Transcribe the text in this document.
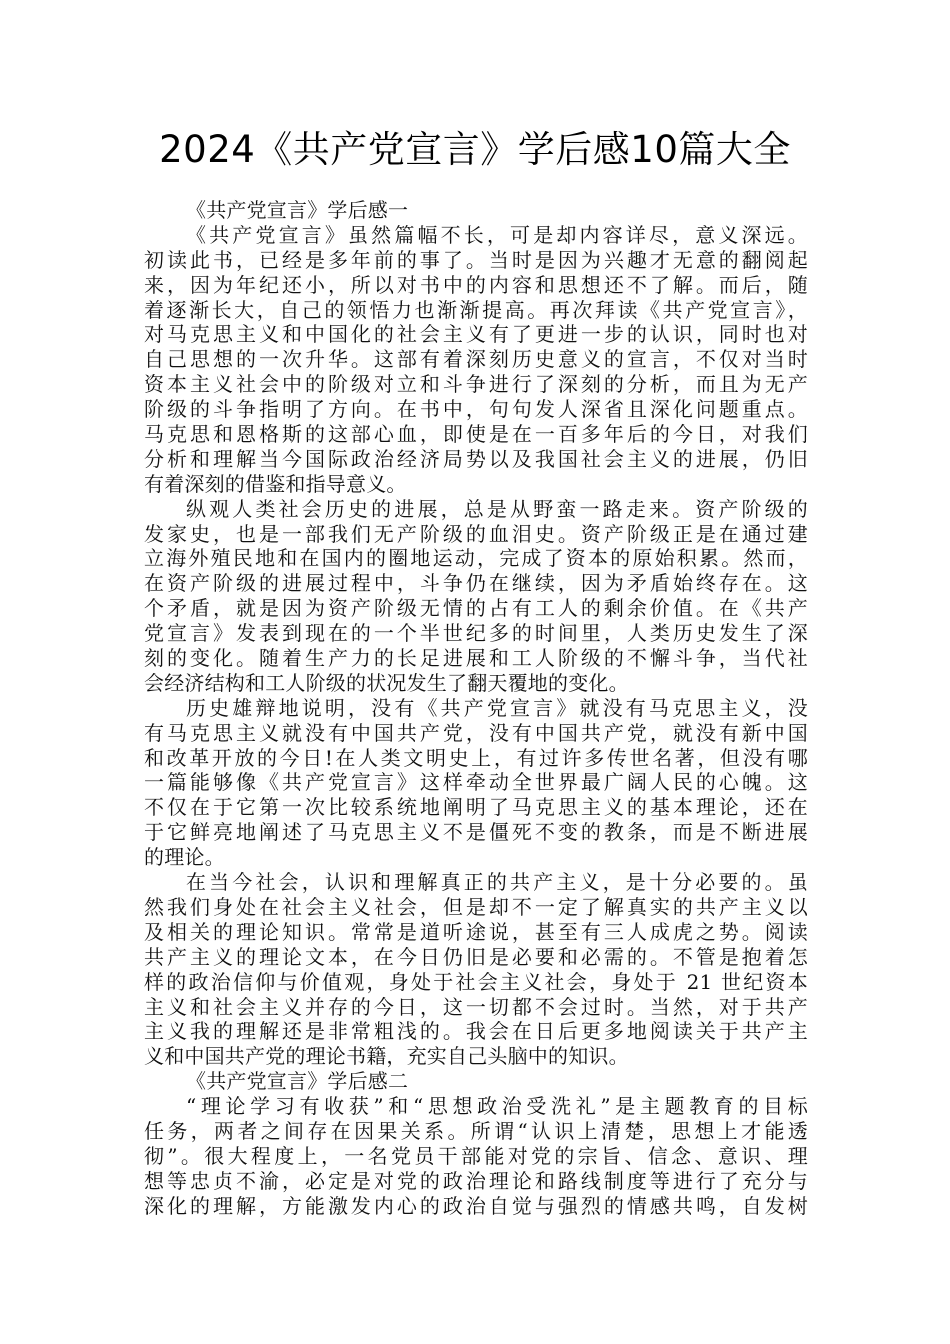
2024《共产党宣言》学后感10篇大全
《共产党宣言》学后感一
《共产党宣言》虽然篇幅不长，可是却内容详尽，意义深远。
初读此书，已经是多年前的事了。当时是因为兴趣才无意的翻阅起
来，因为年纪还小，所以对书中的内容和思想还不了解。而后，随
着逐渐长大，自己的领悟力也渐渐提高。再次拜读《共产党宣言》，
对马克思主义和中国化的社会主义有了更进一步的认识，同时也对
自己思想的一次升华。这部有着深刻历史意义的宣言，不仅对当时
资本主义社会中的阶级对立和斗争进行了深刻的分析，而且为无产
阶级的斗争指明了方向。在书中，句句发人深省且深化问题重点。
马克思和恩格斯的这部心血，即使是在一百多年后的今日，对我们
分析和理解当今国际政治经济局势以及我国社会主义的进展，仍旧
有着深刻的借鉴和指导意义。
纵观人类社会历史的进展，总是从野蛮一路走来。资产阶级的
发家史，也是一部我们无产阶级的血泪史。资产阶级正是在通过建
立海外殖民地和在国内的圈地运动，完成了资本的原始积累。然而，
在资产阶级的进展过程中，斗争仍在继续，因为矛盾始终存在。这
个矛盾，就是因为资产阶级无情的占有工人的剩余价值。在《共产
党宣言》发表到现在的一个半世纪多的时间里，人类历史发生了深
刻的变化。随着生产力的长足进展和工人阶级的不懈斗争，当代社
会经济结构和工人阶级的状况发生了翻天覆地的变化。
历史雄辩地说明，没有《共产党宣言》就没有马克思主义，没
有马克思主义就没有中国共产党，没有中国共产党，就没有新中国
和改革开放的今日!在人类文明史上，有过许多传世名著，但没有哪
一篇能够像《共产党宣言》这样牵动全世界最广阔人民的心魄。这
不仅在于它第一次比较系统地阐明了马克思主义的基本理论，还在
于它鲜亮地阐述了马克思主义不是僵死不变的教条，而是不断进展
的理论。
在当今社会，认识和理解真正的共产主义，是十分必要的。虽
然我们身处在社会主义社会，但是却不一定了解真实的共产主义以
及相关的理论知识。常常是道听途说，甚至有三人成虎之势。阅读
共产主义的理论文本，在今日仍旧是必要和必需的。不管是抱着怎
样的政治信仰与价值观，身处于社会主义社会，身处于 21 世纪资本
主义和社会主义并存的今日，这一切都不会过时。当然，对于共产
主义我的理解还是非常粗浅的。我会在日后更多地阅读关于共产主
义和中国共产党的理论书籍，充实自己头脑中的知识。
《共产党宣言》学后感二
“理论学习有收获”和“思想政治受洗礼”是主题教育的目标
任务，两者之间存在因果关系。所谓“认识上清楚，思想上才能透
彻”。很大程度上，一名党员干部能对党的宗旨、信念、意识、理
想等忠贞不渝，必定是对党的政治理论和路线制度等进行了充分与
深化的理解，方能激发内心的政治自觉与强烈的情感共鸣，自发树
